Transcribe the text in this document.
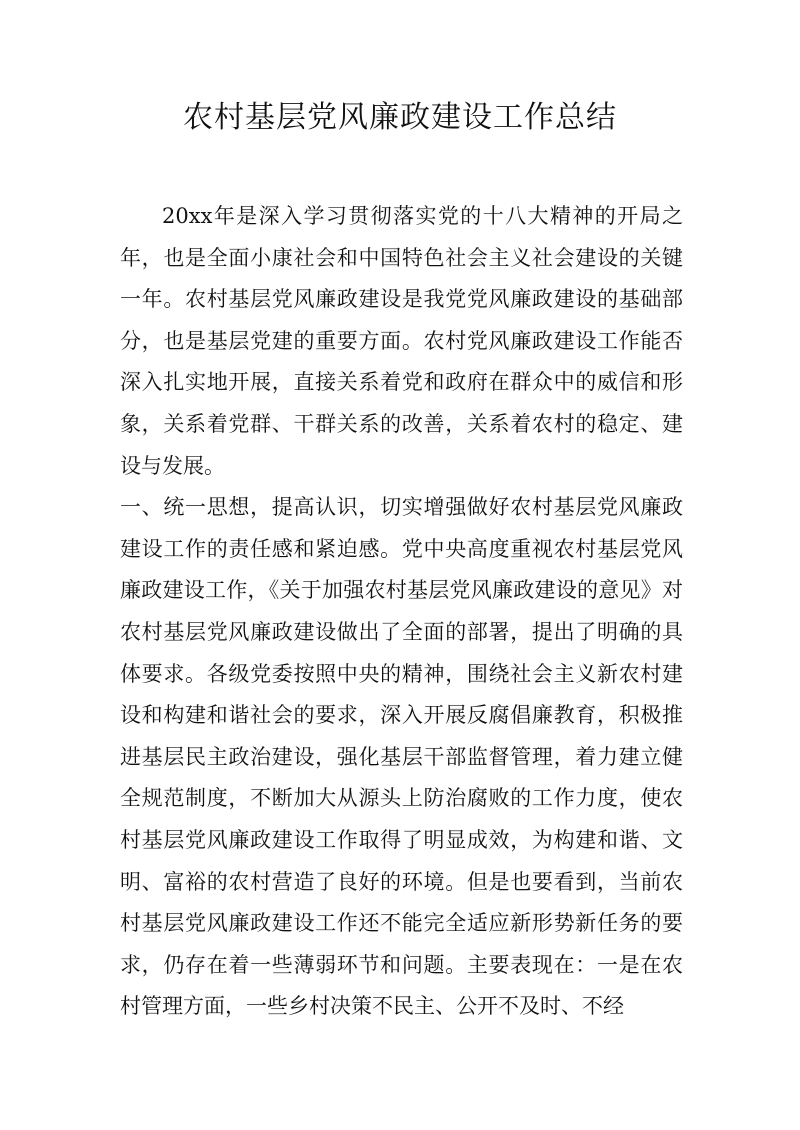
农村基层党风廉政建设工作总结

20xx年是深入学习贯彻落实党的十八大精神的开局之年，也是全面小康社会和中国特色社会主义社会建设的关键一年。农村基层党风廉政建设是我党党风廉政建设的基础部分，也是基层党建的重要方面。农村党风廉政建设工作能否深入扎实地开展，直接关系着党和政府在群众中的威信和形象，关系着党群、干群关系的改善，关系着农村的稳定、建设与发展。

一、统一思想，提高认识，切实增强做好农村基层党风廉政建设工作的责任感和紧迫感。党中央高度重视农村基层党风廉政建设工作，《关于加强农村基层党风廉政建设的意见》对农村基层党风廉政建设做出了全面的部署，提出了明确的具体要求。各级党委按照中央的精神，围绕社会主义新农村建设和构建和谐社会的要求，深入开展反腐倡廉教育，积极推进基层民主政治建设，强化基层干部监督管理，着力建立健全规范制度，不断加大从源头上防治腐败的工作力度，使农村基层党风廉政建设工作取得了明显成效，为构建和谐、文明、富裕的农村营造了良好的环境。但是也要看到，当前农村基层党风廉政建设工作还不能完全适应新形势新任务的要求，仍存在着一些薄弱环节和问题。主要表现在：一是在农村管理方面，一些乡村决策不民主、公开不及时、不经
